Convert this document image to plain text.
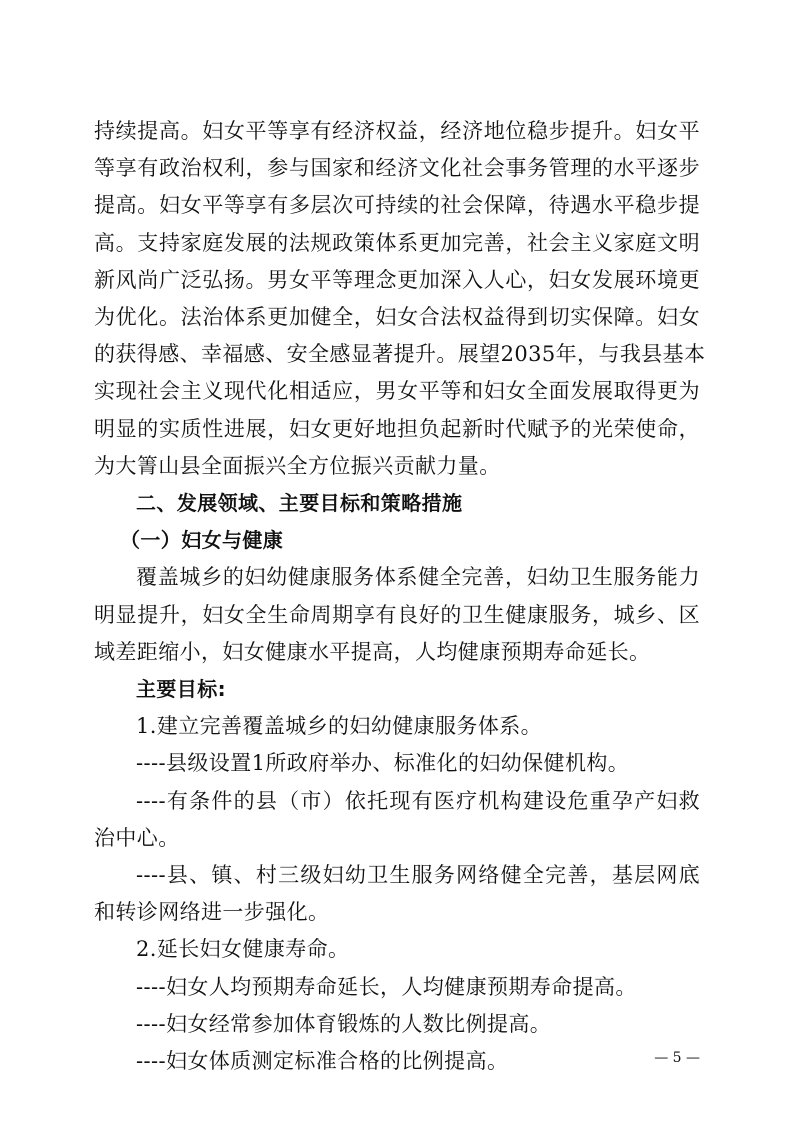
持续提高。妇女平等享有经济权益，经济地位稳步提升。妇女平
等享有政治权利，参与国家和经济文化社会事务管理的水平逐步
提高。妇女平等享有多层次可持续的社会保障，待遇水平稳步提
高。支持家庭发展的法规政策体系更加完善，社会主义家庭文明
新风尚广泛弘扬。男女平等理念更加深入人心，妇女发展环境更
为优化。法治体系更加健全，妇女合法权益得到切实保障。妇女
的获得感、幸福感、安全感显著提升。展望2035年，与我县基本
实现社会主义现代化相适应，男女平等和妇女全面发展取得更为
明显的实质性进展，妇女更好地担负起新时代赋予的光荣使命，
为大箐山县全面振兴全方位振兴贡献力量。
二、发展领域、主要目标和策略措施
（一）妇女与健康
覆盖城乡的妇幼健康服务体系健全完善，妇幼卫生服务能力
明显提升，妇女全生命周期享有良好的卫生健康服务，城乡、区
域差距缩小，妇女健康水平提高，人均健康预期寿命延长。
主要目标:
1.建立完善覆盖城乡的妇幼健康服务体系。
----县级设置1所政府举办、标准化的妇幼保健机构。
----有条件的县（市）依托现有医疗机构建设危重孕产妇救
治中心。
----县、镇、村三级妇幼卫生服务网络健全完善，基层网底
和转诊网络进一步强化。
2.延长妇女健康寿命。
----妇女人均预期寿命延长，人均健康预期寿命提高。
----妇女经常参加体育锻炼的人数比例提高。
----妇女体质测定标准合格的比例提高。	— 5 —
